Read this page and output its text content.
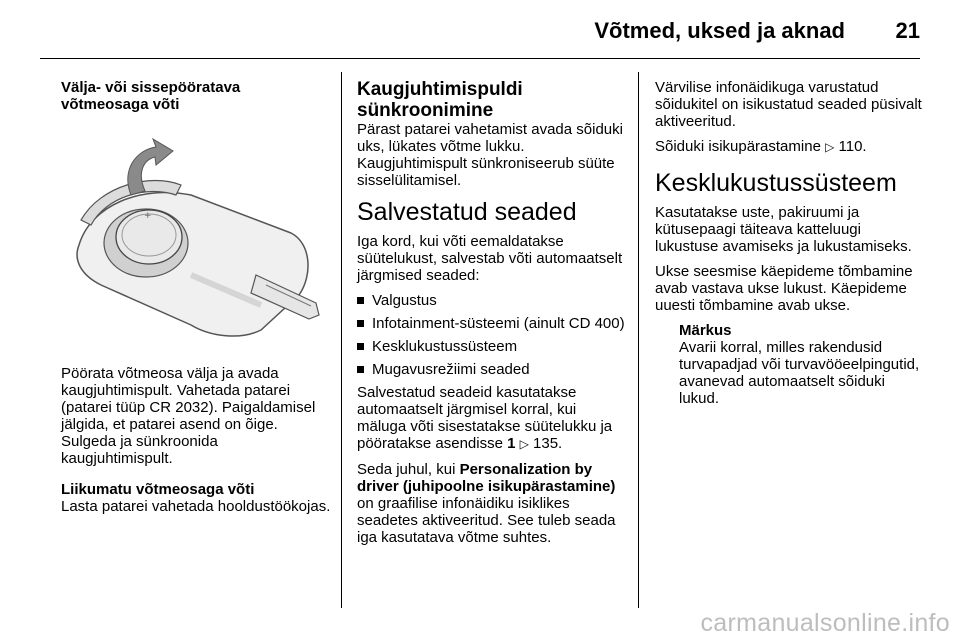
Võtmed, uksed ja aknad 21
Välja- või sissepööratava võtmeosaga võti
+

Pöörata võtmeosa välja ja avada kaugjuhtimispult. Vahetada patarei (patarei tüüp CR 2032). Paigaldamisel jälgida, et patarei asend on õige. Sulgeda ja sünkroonida kaugjuhtimispult.

Liikumatu võtmeosaga võti

Lasta patarei vahetada hooldustöökojas.

Kaugjuhtimispuldi sünkroonimine

Pärast patarei vahetamist avada sõiduki uks, lükates võtme lukku. Kaugjuhtimispult sünkroniseerub süüte sisselülitamisel.

Salvestatud seaded

Iga kord, kui võti eemaldatakse süütelukust, salvestab võti automaatselt järgmised seaded:

Valgustus
Infotainment-süsteemi (ainult CD 400)
Kesklukustussüsteem
Mugavusrežiimi seaded

Salvestatud seadeid kasutatakse automaatselt järgmisel korral, kui mäluga võti sisestatakse süütelukku ja pööratakse asendisse 1 ▷ 135.

Seda juhul, kui Personalization by driver (juhipoolne isikupärastamine) on graafilise infonäidiku isiklikes seadetes aktiveeritud. See tuleb seada iga kasutatava võtme suhtes.

Värvilise infonäidikuga varustatud sõidukitel on isikustatud seaded püsivalt aktiveeritud.

Sõiduki isikupärastamine ▷ 110.

Kesklukustussüsteem

Kasutatakse uste, pakiruumi ja kütusepaagi täiteava katteluugi lukustuse avamiseks ja lukustamiseks.

Ukse seesmise käepideme tõmbamine avab vastava ukse lukust. Käepideme uuesti tõmbamine avab ukse.

Märkus
Avarii korral, milles rakendusid turvapadjad või turvavööeelpingutid, avanevad automaatselt sõiduki lukud.
carmanualsonline.info
